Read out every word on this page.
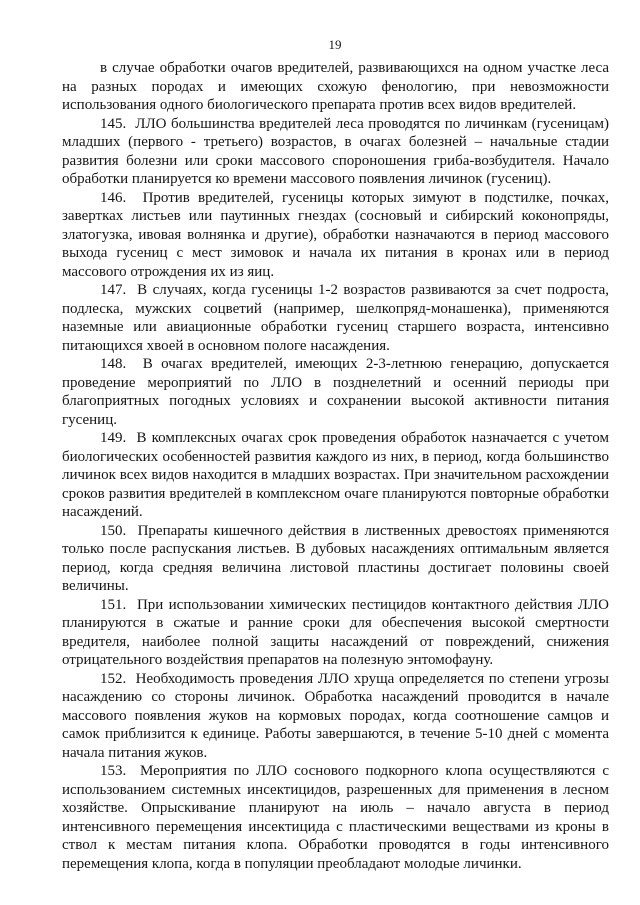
19

в случае обработки очагов вредителей, развивающихся на одном участке леса на разных породах и имеющих схожую фенологию, при невозможности использования одного биологического препарата против всех видов вредителей.

145.  ЛЛО большинства вредителей леса проводятся по личинкам (гусеницам) младших (первого - третьего) возрастов, в очагах болезней – начальные стадии развития болезни или сроки массового спороношения гриба-возбудителя. Начало обработки планируется ко времени массового появления личинок (гусениц).

146.  Против вредителей, гусеницы которых зимуют в подстилке, почках, завертках листьев или паутинных гнездах (сосновый и сибирский коконопряды, златогузка, ивовая волнянка и другие), обработки назначаются в период массового выхода гусениц с мест зимовок и начала их питания в кронах или в период массового отрождения их из яиц.

147.  В случаях, когда гусеницы 1-2 возрастов развиваются за счет подроста, подлеска, мужских соцветий (например, шелкопряд-монашенка), применяются наземные или авиационные обработки гусениц старшего возраста, интенсивно питающихся хвоей в основном пологе насаждения.

148.  В очагах вредителей, имеющих 2-3-летнюю генерацию, допускается проведение мероприятий по ЛЛО в позднелетний и осенний периоды при благоприятных погодных условиях и сохранении высокой активности питания гусениц.

149.  В комплексных очагах срок проведения обработок назначается с учетом биологических особенностей развития каждого из них, в период, когда большинство личинок всех видов находится в младших возрастах. При значительном расхождении сроков развития вредителей в комплексном очаге планируются повторные обработки насаждений.

150.  Препараты кишечного действия в лиственных древостоях применяются только после распускания листьев. В дубовых насаждениях оптимальным является период, когда средняя величина листовой пластины достигает половины своей величины.

151.  При использовании химических пестицидов контактного действия ЛЛО планируются в сжатые и ранние сроки для обеспечения высокой смертности вредителя, наиболее полной защиты насаждений от повреждений, снижения отрицательного воздействия препаратов на полезную энтомофауну.

152.  Необходимость проведения ЛЛО хруща определяется по степени угрозы насаждению со стороны личинок. Обработка насаждений проводится в начале массового появления жуков на кормовых породах, когда соотношение самцов и самок приблизится к единице. Работы завершаются, в течение 5-10 дней с момента начала питания жуков.

153.  Мероприятия по ЛЛО соснового подкорного клопа осуществляются с использованием системных инсектицидов, разрешенных для применения в лесном хозяйстве. Опрыскивание планируют на июль – начало августа в период интенсивного перемещения инсектицида с пластическими веществами из кроны в ствол к местам питания клопа. Обработки проводятся в годы интенсивного перемещения клопа, когда в популяции преобладают молодые личинки.
